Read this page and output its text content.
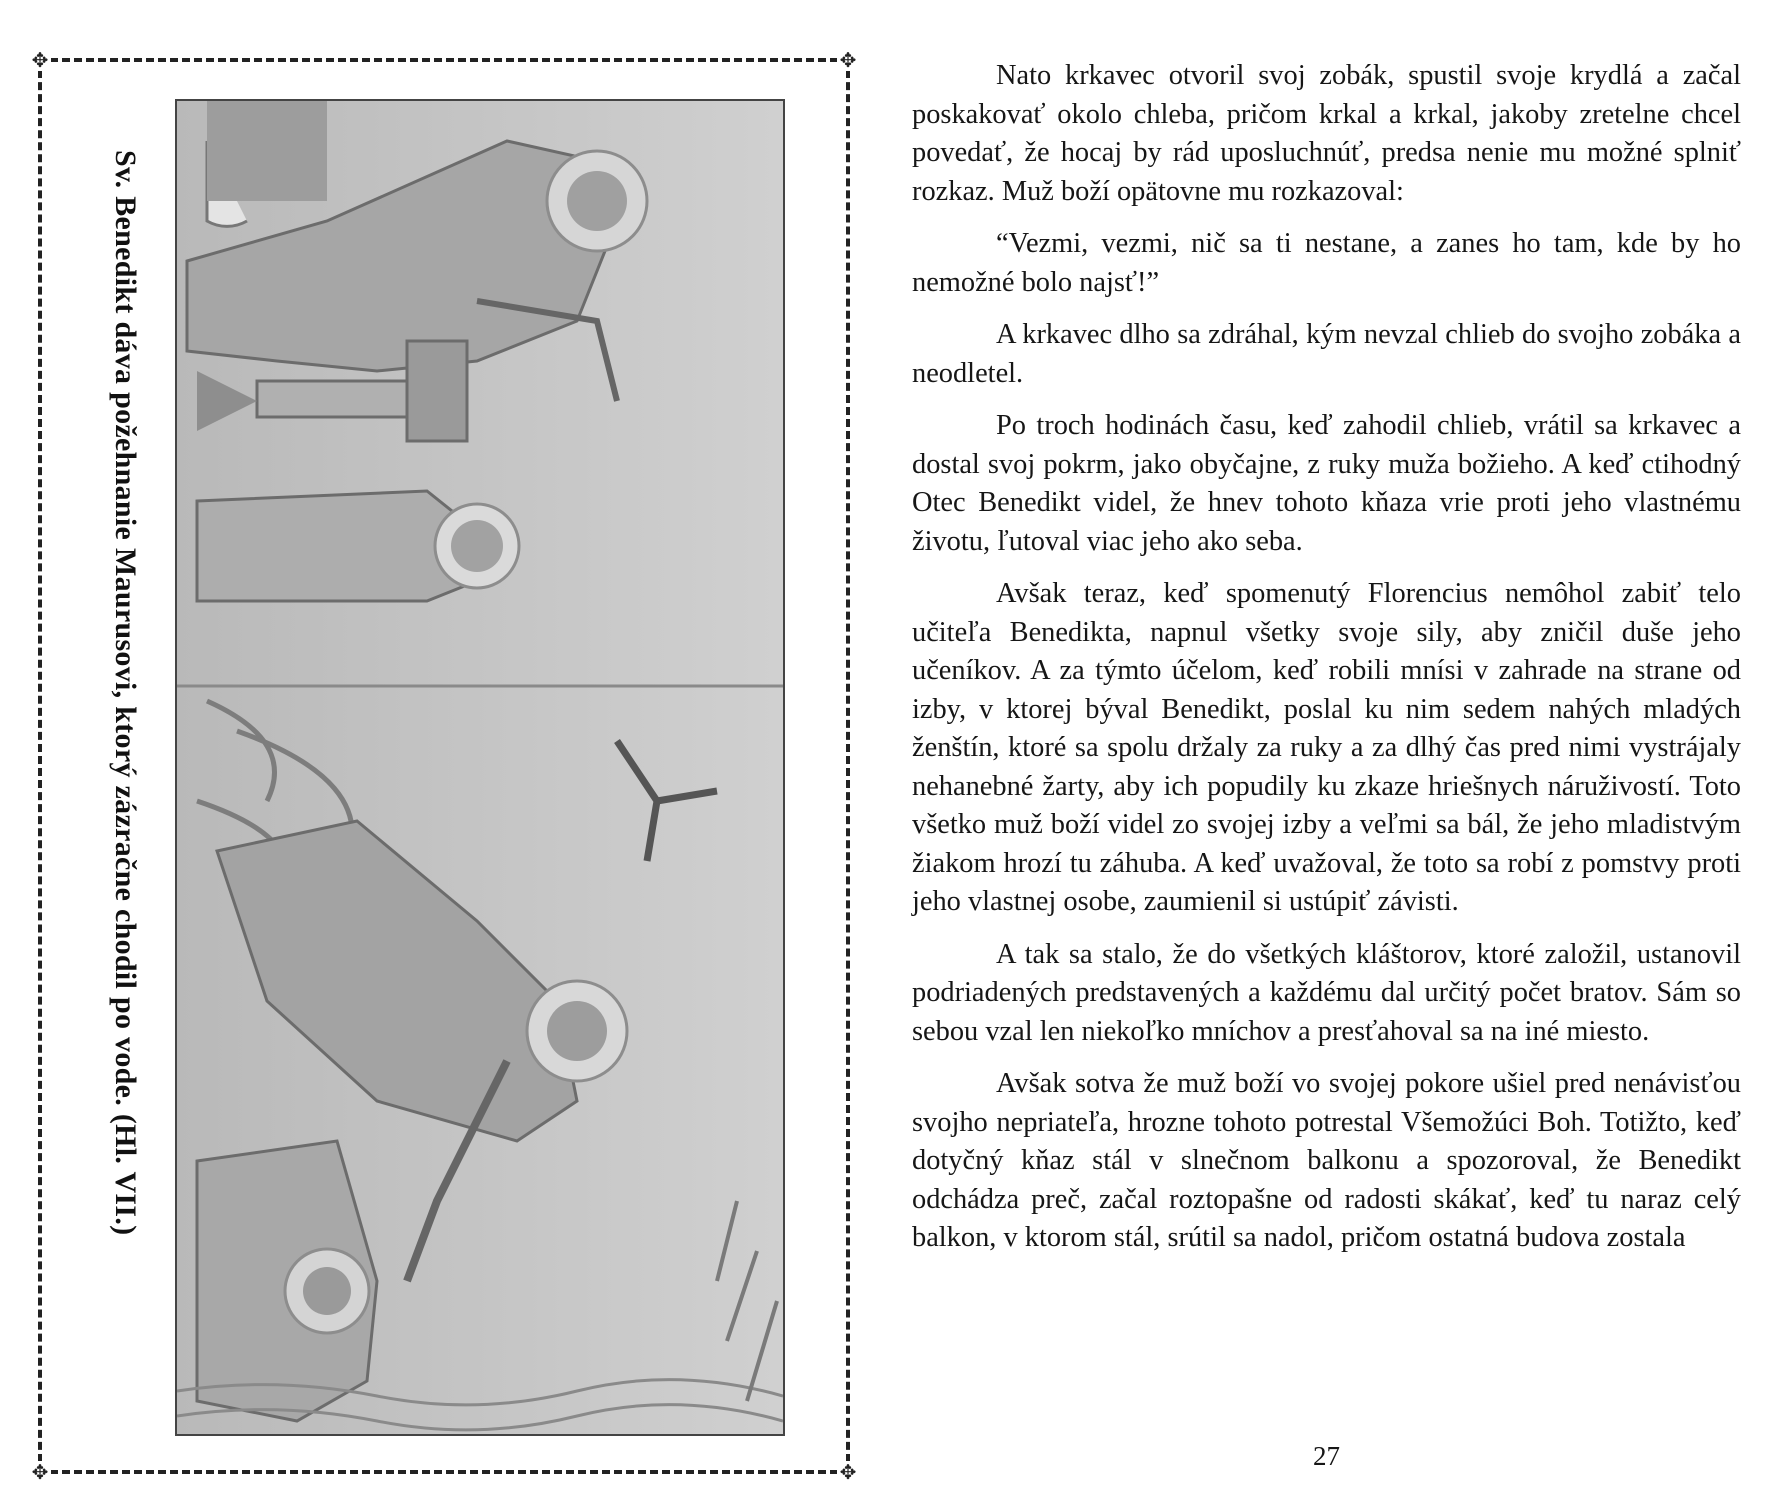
✥	✥
✥	✥
Sv. Benedikt dáva požehnanie Maurusovi, ktorý zázračne chodil po vode. (Hl. VII.)

Nato krkavec otvoril svoj zobák, spustil svoje krydlá a začal poskakovať okolo chleba, pričom krkal a krkal, jakoby zretelne chcel povedať, že hocaj by rád uposluchnúť, predsa nenie mu možné splniť rozkaz. Muž boží opätovne mu rozkazoval:

“Vezmi, vezmi, nič sa ti nestane, a zanes ho tam, kde by ho nemožné bolo najsť!”

A krkavec dlho sa zdráhal, kým nevzal chlieb do svojho zobáka a neodletel.

Po troch hodinách času, keď zahodil chlieb, vrátil sa krkavec a dostal svoj pokrm, jako obyčajne, z ruky muža božieho. A keď ctihodný Otec Benedikt videl, že hnev tohoto kňaza vrie proti jeho vlastnému životu, ľutoval viac jeho ako seba.

Avšak teraz, keď spomenutý Florencius nemôhol zabiť telo učiteľa Benedikta, napnul všetky svoje sily, aby zničil duše jeho učeníkov. A za týmto účelom, keď robili mnísi v zahrade na strane od izby, v ktorej býval Benedikt, poslal ku nim sedem nahých mladých ženštín, ktoré sa spolu držaly za ruky a za dlhý čas pred nimi vystrájaly nehanebné žarty, aby ich popudily ku zkaze hriešnych náruživostí. Toto všetko muž boží videl zo svojej izby a veľmi sa bál, že jeho mladistvým žiakom hrozí tu záhuba. A keď uvažoval, že toto sa robí z pomstvy proti jeho vlastnej osobe, zaumienil si ustúpiť závisti.

A tak sa stalo, že do všetkých kláštorov, ktoré založil, ustanovil podriadených predstavených a každému dal určitý počet bratov. Sám so sebou vzal len niekoľko mníchov a presťahoval sa na iné miesto.

Avšak sotva že muž boží vo svojej pokore ušiel pred nenávisťou svojho nepriateľa, hrozne tohoto potrestal Všemožúci Boh. Totižto, keď dotyčný kňaz stál v slnečnom balkonu a spozoroval, že Benedikt odchádza preč, začal roztopašne od radosti skákať, keď tu naraz celý balkon, v ktorom stál, srútil sa nadol, pričom ostatná budova zostala

27
